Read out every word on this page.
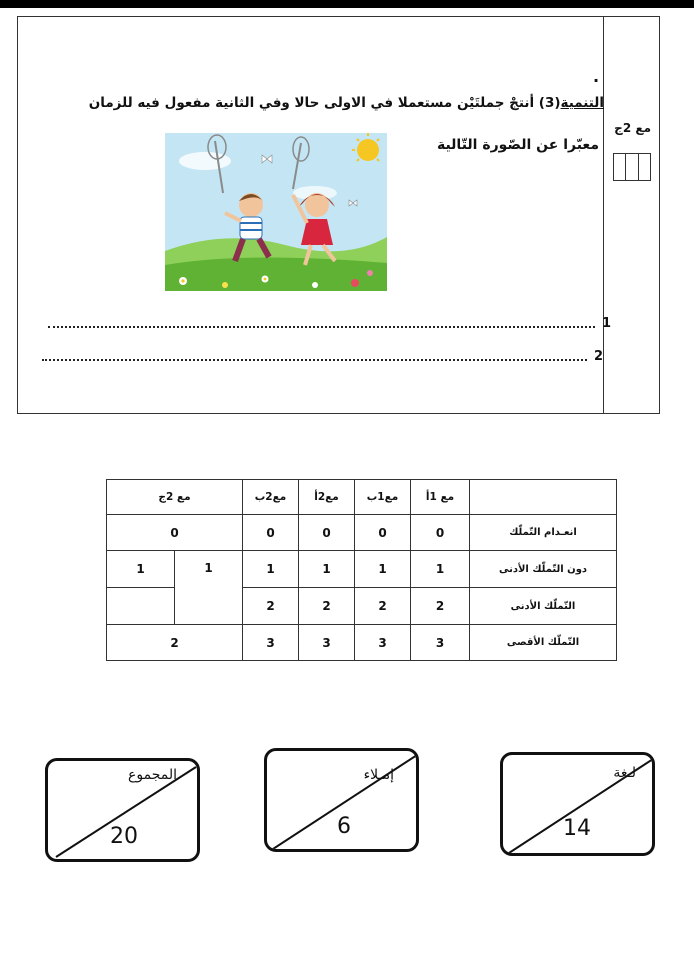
مع 2ج
.
التنمية(3) أنتجْ جملتَيْن مستعملا في الاولى حالا وفي الثانية مفعول فيه للزمان
معبّرا عن الصّورة التّالية
1
2
مع 2ج		مع2ب	مع2أ	مع1ب	مع 1أ	
0		0	0	0	0	انعـدام التّملّك
1	1	1	1	1	1	دون التّملّك الأدنى
		2	2	2	2	التّملّك الأدنى
2		3	3	3	3	التّملّك الأقصى
المجموع
20
إمـلاء
6
لـغة
14
